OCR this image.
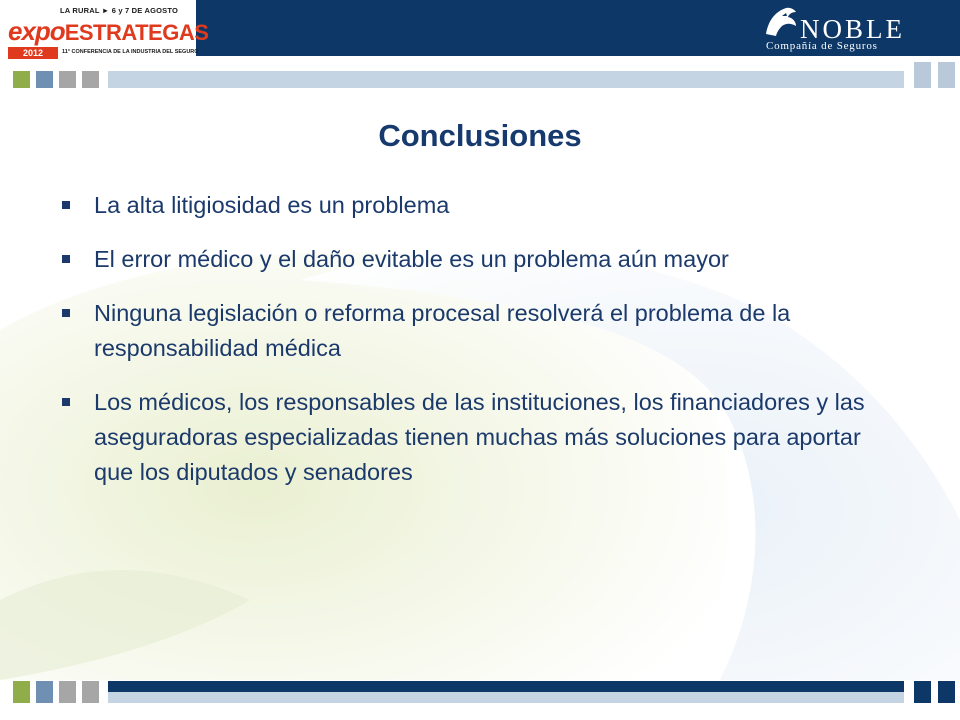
LA RURAL ► 6 y 7 DE AGOSTO
expoESTRATEGAS
2012	11° CONFERENCIA DE LA INDUSTRIA DEL SEGURO
NOBLE
Compañía de Seguros
Conclusiones
La alta litigiosidad es un problema
El error médico y el daño evitable es un problema aún mayor
Ninguna legislación o reforma procesal resolverá el problema de la responsabilidad médica
Los médicos, los responsables de las instituciones, los financiadores y las aseguradoras especializadas tienen muchas más soluciones para aportar que los diputados y senadores
